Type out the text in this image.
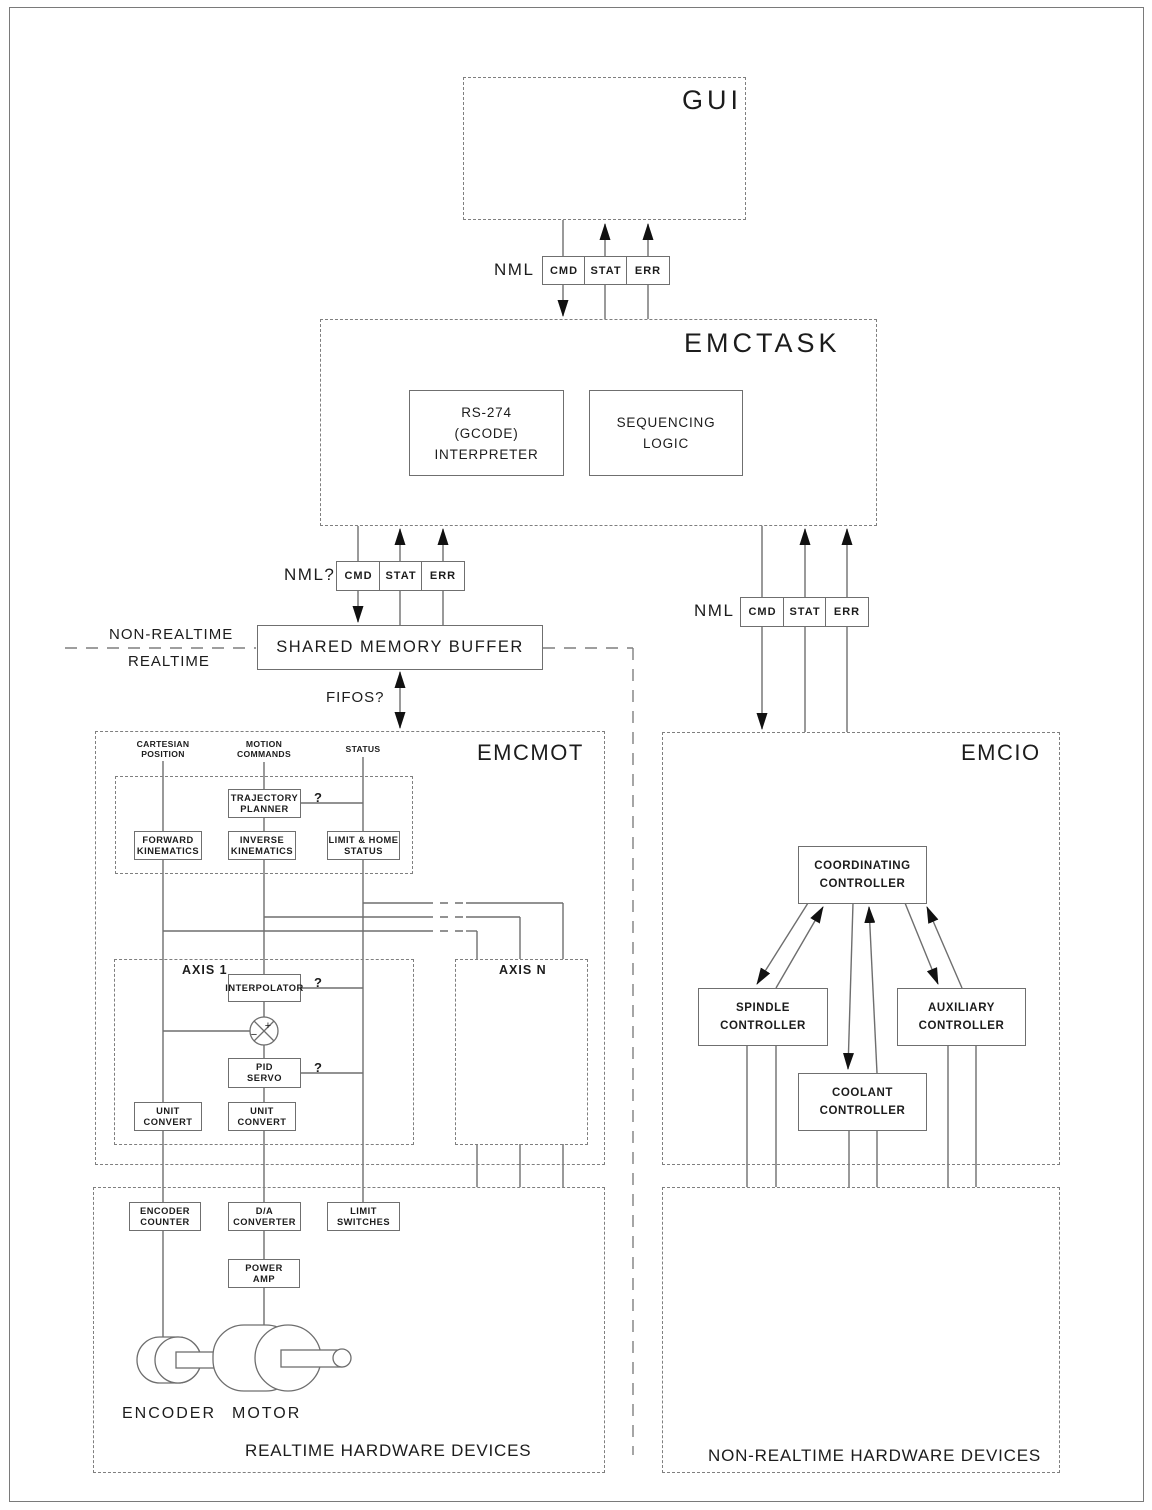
+
−
GUI
NML CMD STAT ERR
EMCTASK
RS-274
(GCODE)
INTERPRETER
SEQUENCING
LOGIC
NML? CMD STAT ERR
NML CMD STAT ERR
NON-REALTIME
REALTIME
SHARED MEMORY BUFFER
FIFOS?
EMCMOT
CARTESIAN POSITION
MOTION COMMANDS	STATUS
TRAJECTORY
PLANNER
FORWARD
KINEMATICS
INVERSE
KINEMATICS
LIMIT & HOME
STATUS
?
?
?
AXIS 1
INTERPOLATOR
PID
SERVO
UNIT
CONVERT
UNIT
CONVERT
AXIS N
ENCODER
COUNTER
D/A
CONVERTER
LIMIT
SWITCHES
POWER
AMP
ENCODER MOTOR
REALTIME HARDWARE DEVICES
EMCIO
COORDINATING
CONTROLLER
SPINDLE
CONTROLLER
AUXILIARY
CONTROLLER
COOLANT
CONTROLLER
NON-REALTIME HARDWARE DEVICES
